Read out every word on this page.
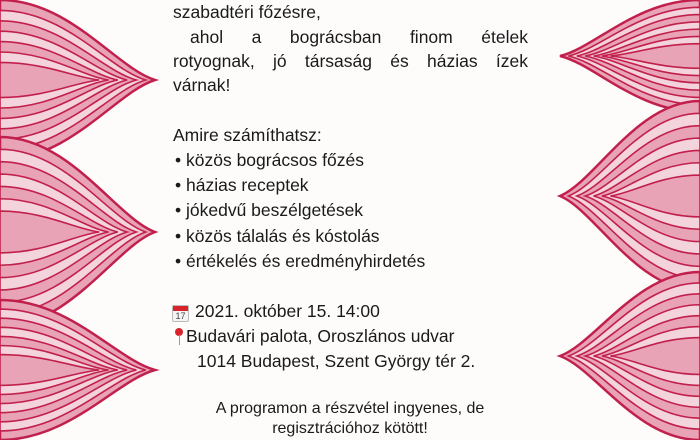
szabadtéri főzésre,
ahol a bográcsban finom ételek
rotyognak, jó társaság és házias ízek
várnak!
Amire számíthatsz:
• közös bográcsos főzés
• házias receptek
• jókedvű beszélgetések
• közös tálalás és kóstolás
• értékelés és eredményhirdetés
17 2021. október 15. 14:00
Budavári palota, Oroszlános udvar
1014 Budapest, Szent György tér 2.
A programon a részvétel ingyenes, de
regisztrációhoz kötött!
